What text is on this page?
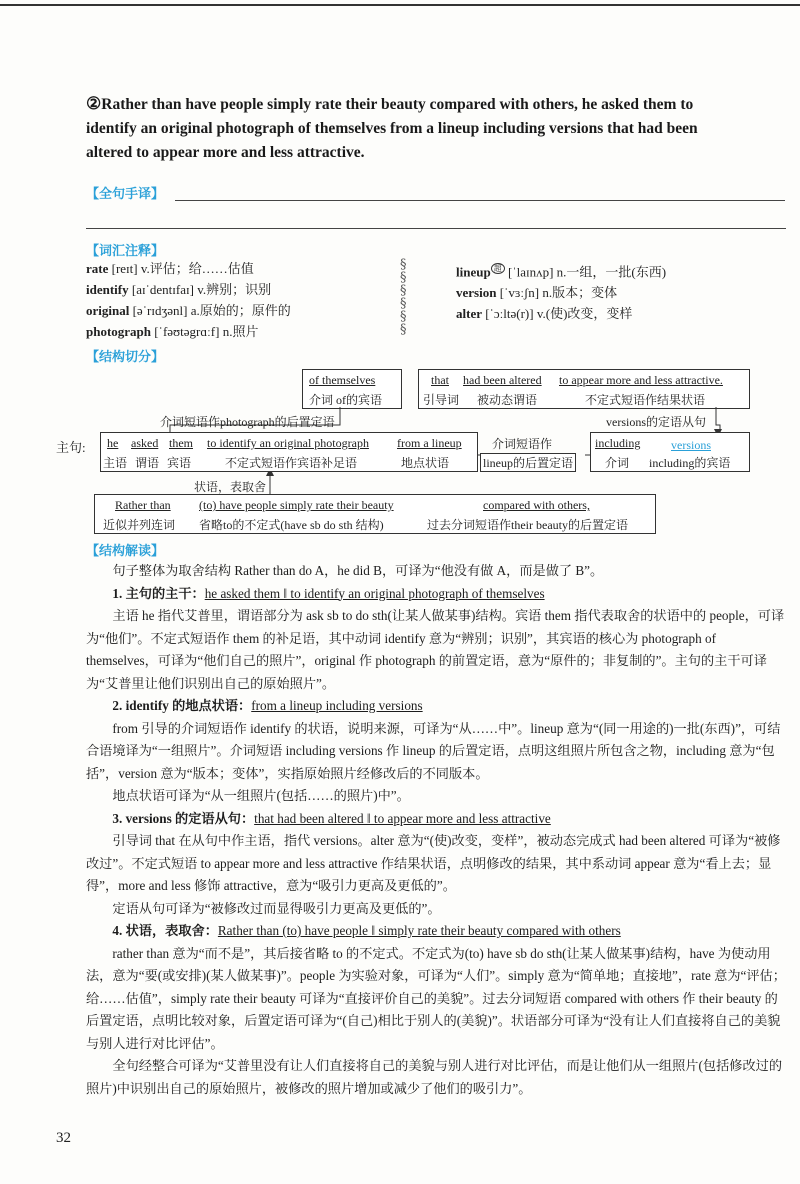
②Rather than have people simply rate their beauty compared with others, he asked them to
identify an original photograph of themselves from a lineup including versions that had been
altered to appear more and less attractive.
【全句手译】
【词汇注释】
rate [reɪt] v.评估；给……估值
identify [aɪˈdentɪfaɪ] v.辨别；识别
original [əˈrɪdʒənl] a.原始的；原件的
photograph [ˈfəʊtəgrɑːf] n.照片
§
§
§
§
§
§
lineup $^超$ [ˈlaɪnʌp] n.一组，一批(东西)
version [ˈvɜːʃn] n.版本；变体
alter [ˈɔːltə(r)] v.(使)改变，变样
【结构切分】
of themselves
介词 of的宾语
that had been altered to appear more and less attractive.
引导词 被动态谓语	不定式短语作结果状语
介词短语作photograph的后置定语	versions的定语从句
主句: he asked them to identify an original photograph from a lineup
主语 谓语 宾语	不定式短语作宾语补足语	地点状语
介词短语作
lineup的后置定语
including	versions
介词 including的宾语
状语，表取舍
Rather than (to) have people simply rate their beauty	compared with others,
近似并列连词 省略to的不定式(have sb do sth 结构)	过去分词短语作their beauty的后置定语
【结构解读】

句子整体为取舍结构 Rather than do A，he did B，可译为“他没有做 A，而是做了 B”。

1. 主句的主干：he asked them ‖ to identify an original photograph of themselves

主语 he 指代艾普里，谓语部分为 ask sb to do sth(让某人做某事)结构。宾语 them 指代表取舍的状语中的 people，可译为“他们”。不定式短语作 them 的补足语，其中动词 identify 意为“辨别；识别”，其宾语的核心为 photograph of themselves，可译为“他们自己的照片”，original 作 photograph 的前置定语，意为“原件的；非复制的”。主句的主干可译为“艾普里让他们识别出自己的原始照片”。

2. identify 的地点状语：from a lineup including versions

from 引导的介词短语作 identify 的状语，说明来源，可译为“从……中”。lineup 意为“(同一用途的)一批(东西)”，可结合语境译为“一组照片”。介词短语 including versions 作 lineup 的后置定语，点明这组照片所包含之物，including 意为“包括”，version 意为“版本；变体”，实指原始照片经修改后的不同版本。

地点状语可译为“从一组照片(包括……的照片)中”。

3. versions 的定语从句：that had been altered ‖ to appear more and less attractive

引导词 that 在从句中作主语，指代 versions。alter 意为“(使)改变，变样”，被动态完成式 had been altered 可译为“被修改过”。不定式短语 to appear more and less attractive 作结果状语，点明修改的结果，其中系动词 appear 意为“看上去；显得”，more and less 修饰 attractive，意为“吸引力更高及更低的”。

定语从句可译为“被修改过而显得吸引力更高及更低的”。

4. 状语，表取舍：Rather than (to) have people ‖ simply rate their beauty compared with others

rather than 意为“而不是”，其后接省略 to 的不定式。不定式为(to) have sb do sth(让某人做某事)结构，have 为使动用法，意为“要(或安排)(某人做某事)”。people 为实验对象，可译为“人们”。simply 意为“简单地；直接地”，rate 意为“评估；给……估值”，simply rate their beauty 可译为“直接评价自己的美貌”。过去分词短语 compared with others 作 their beauty 的后置定语，点明比较对象，后置定语可译为“(自己)相比于别人的(美貌)”。状语部分可译为“没有让人们直接将自己的美貌与别人进行对比评估”。

全句经整合可译为“艾普里没有让人们直接将自己的美貌与别人进行对比评估，而是让他们从一组照片(包括修改过的照片)中识别出自己的原始照片，被修改的照片增加或减少了他们的吸引力”。

32
